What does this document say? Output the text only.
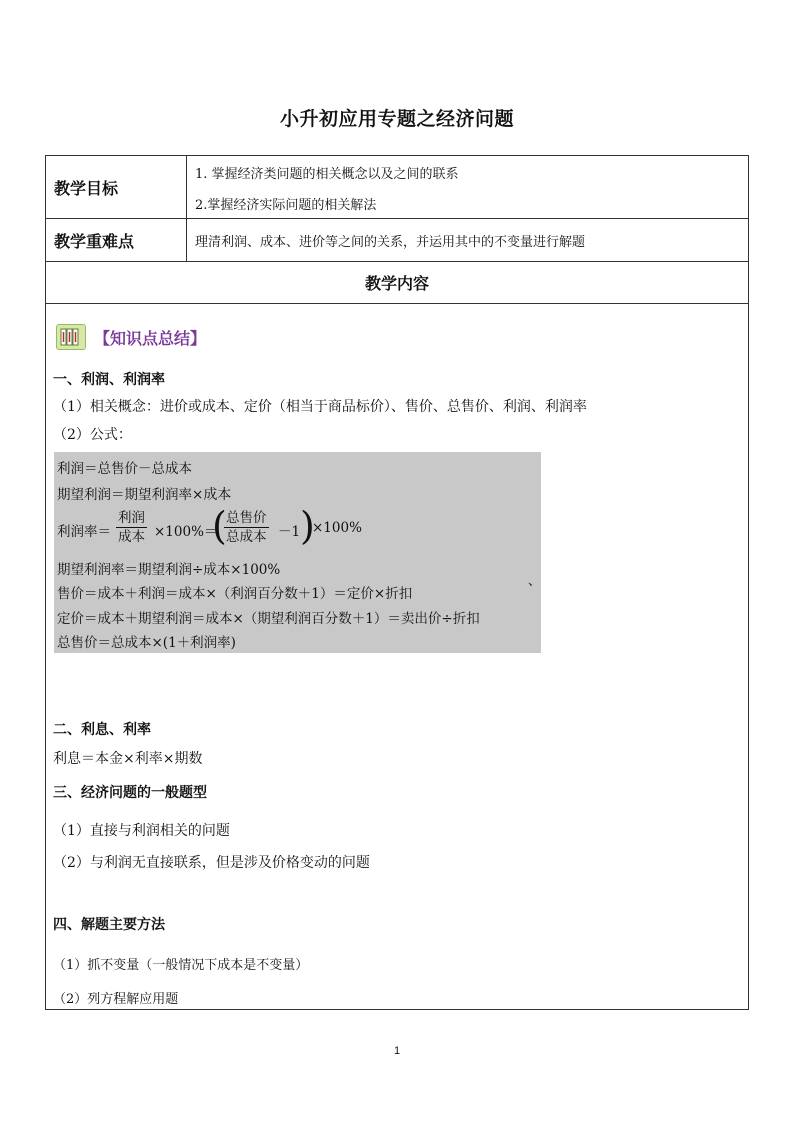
小升初应用专题之经济问题
教学目标
1. 掌握经济类问题的相关概念以及之间的联系
2.掌握经济实际问题的相关解法
教学重难点	理清利润、成本、进价等之间的关系，并运用其中的不变量进行解题
教学内容
【知识点总结】
一、利润、利润率
（1）相关概念：进价或成本、定价（相当于商品标价）、售价、总售价、利润、利润率
（2）公式：
利润＝总售价－总成本
期望利润＝期望利润率×成本
利润率＝
利润
成本 ×100%＝
( 总售价
总成本 －1 )
×100%
期望利润率＝期望利润÷成本×100%
售价＝成本＋利润＝成本×（利润百分数＋1）＝定价×折扣
定价＝成本＋期望利润＝成本×（期望利润百分数＋1）＝卖出价÷折扣
总售价＝总成本×(1＋利润率)
、
二、利息、利率
利息＝本金×利率×期数
三、经济问题的一般题型
（1）直接与利润相关的问题
（2）与利润无直接联系，但是涉及价格变动的问题
四、解题主要方法
（1）抓不变量（一般情况下成本是不变量）
（2）列方程解应用题
1
